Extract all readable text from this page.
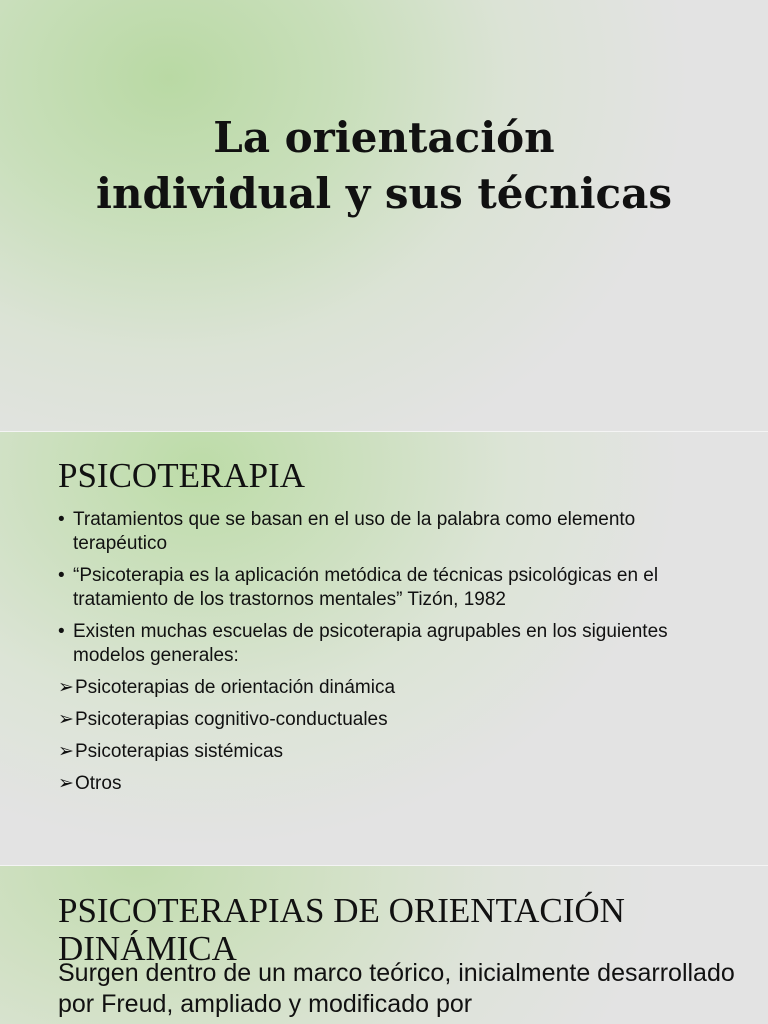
La orientación
individual y sus técnicas
PSICOTERAPIA
• Tratamientos que se basan en el uso de la palabra como elemento terapéutico
• “Psicoterapia es la aplicación metódica de técnicas psicológicas en el tratamiento de los trastornos mentales” Tizón, 1982
• Existen muchas escuelas de psicoterapia agrupables en los siguientes modelos generales:
➢ Psicoterapias de orientación dinámica
➢ Psicoterapias cognitivo-conductuales
➢ Psicoterapias sistémicas
➢ Otros
PSICOTERAPIAS DE ORIENTACIÓN DINÁMICA

Surgen dentro de un marco teórico, inicialmente desarrollado por Freud, ampliado y modificado por
